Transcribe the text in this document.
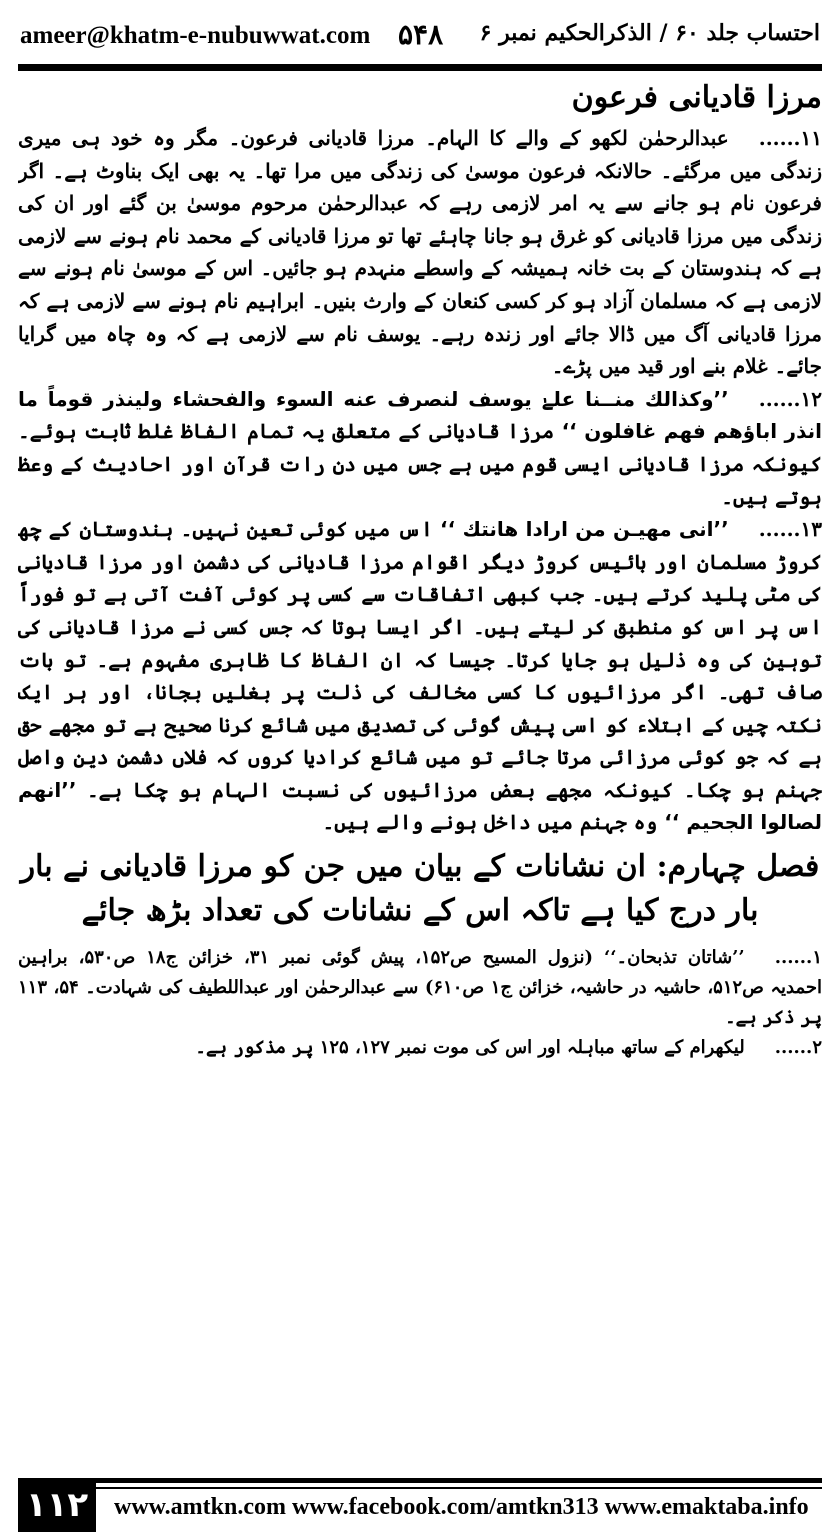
ameer@khatm-e-nubuwwat.com ۵۴۸ احتساب جلد ۶۰ / الذکرالحکیم نمبر ۶
مرزا قادیانی فرعون

۱۱......عبدالرحمٰن لکھو کے والے کا الہام۔ مرزا قادیانی فرعون۔ مگر وہ خود ہی میری زندگی میں مرگئے۔ حالانکہ فرعون موسیٰ کی زندگی میں مرا تھا۔ یہ بھی ایک بناوٹ ہے۔ اگر فرعون نام ہو جانے سے یہ امر لازمی رہے کہ عبدالرحمٰن مرحوم موسیٰ بن گئے اور ان کی زندگی میں مرزا قادیانی کو غرق ہو جانا چاہئے تھا تو مرزا قادیانی کے محمد نام ہونے سے لازمی ہے کہ ہندوستان کے بت خانہ ہمیشہ کے واسطے منہدم ہو جائیں۔ اس کے موسیٰ نام ہونے سے لازمی ہے کہ مسلمان آزاد ہو کر کسی کنعان کے وارث بنیں۔ ابراہیم نام ہونے سے لازمی ہے کہ مرزا قادیانی آگ میں ڈالا جائے اور زندہ رہے۔ یوسف نام سے لازمی ہے کہ وہ چاہ میں گرایا جائے۔ غلام بنے اور قید میں پڑے۔

۱۲......’’وکذالك منــنا علےٰ یوسف لنصرف عنه السوء والفحشاء ولینذر قوماً ما انذر اباؤهم فهم غافلون ‘‘ مرزا قادیانی کے متعلق یہ تمام الفاظ غلط ثابت ہوئے۔ کیونکہ مرزا قادیانی ایسی قوم میں ہے جس میں دن رات قرآن اور احادیث کے وعظ ہوتے ہیں۔

۱۳......’’انی مهیـن من ارادا هانتك ‘‘ اس میں کوئی تعین نہیں۔ ہندوستان کے چھ کروڑ مسلمان اور بائیس کروڑ دیگر اقوام مرزا قادیانی کی دشمن اور مرزا قادیانی کی مٹی پلید کرتے ہیں۔ جب کبھی اتفاقات سے کسی پر کوئی آفت آتی ہے تو فوراً اس پر اس کو منطبق کر لیتے ہیں۔ اگر ایسا ہوتا کہ جس کسی نے مرزا قادیانی کی توہین کی وہ ذلیل ہو جایا کرتا۔ جیسا کہ ان الفاظ کا ظاہری مفہوم ہے۔ تو بات صاف تھی۔ اگر مرزائیوں کا کسی مخالف کی ذلت پر بغلیں بجانا، اور ہر ایک نکتہ چیں کے ابتلاء کو اسی پیش گوئی کی تصدیق میں شائع کرنا صحیح ہے تو مجھے حق ہے کہ جو کوئی مرزائی مرتا جائے تو میں شائع کرادیا کروں کہ فلاں دشمن دین واصل جہنم ہو چکا۔ کیونکہ مجھے بعض مرزائیوں کی نسبت الہام ہو چکا ہے۔ ’’انهم لصالوا الجحیم ‘‘ وہ جہنم میں داخل ہونے والے ہیں۔

فصل چہارم: ان نشانات کے بیان میں جن کو مرزا قادیانی نے بار بار درج کیا ہے تاکہ اس کے نشانات کی تعداد بڑھ جائے

۱......’’شاتان تذبحان۔‘‘ (نزول المسیح ص۱۵۲، پیش گوئی نمبر ۳۱، خزائن ج۱۸ ص۵۳۰، براہین احمدیہ ص۵۱۲، حاشیہ در حاشیہ، خزائن ج۱ ص۶۱۰) سے عبدالرحمٰن اور عبداللطیف کی شہادت۔ ۵۴، ۱۱۳ پر ذکر ہے۔

۲......لیکھرام کے ساتھ مباہلہ اور اس کی موت نمبر ۱۲۷، ۱۲۵ پر مذکور ہے۔

۱۱۲	www.amtkn.com www.facebook.com/amtkn313 www.emaktaba.info
